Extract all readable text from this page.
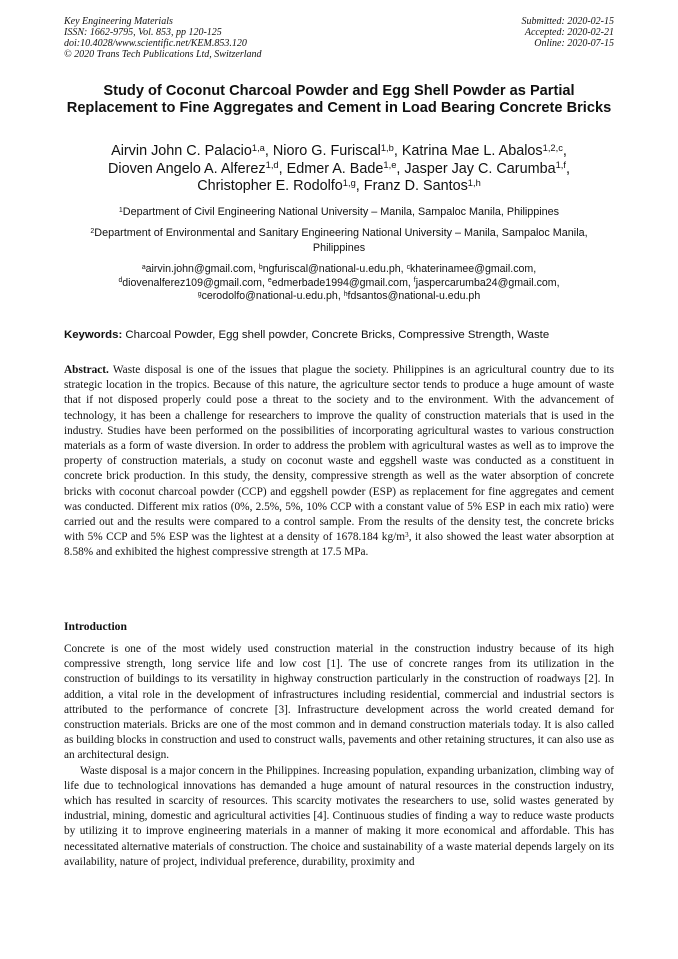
Key Engineering Materials
ISSN: 1662-9795, Vol. 853, pp 120-125
doi:10.4028/www.scientific.net/KEM.853.120
© 2020 Trans Tech Publications Ltd, Switzerland
Submitted: 2020-02-15
Accepted: 2020-02-21
Online: 2020-07-15
Study of Coconut Charcoal Powder and Egg Shell Powder as Partial Replacement to Fine Aggregates and Cement in Load Bearing Concrete Bricks
Airvin John C. Palacio$^{1,a}$, Nioro G. Furiscal$^{1,b}$, Katrina Mae L. Abalos$^{1,2,c}$,
Dioven Angelo A. Alferez$^{1,d}$, Edmer A. Bade$^{1,e}$, Jasper Jay C. Carumba$^{1,f}$,
Christopher E. Rodolfo$^{1,g}$, Franz D. Santos$^{1,h}$
$^1$Department of Civil Engineering National University – Manila, Sampaloc Manila, Philippines
$^2$Department of Environmental and Sanitary Engineering National University – Manila, Sampaloc Manila, Philippines
$^a$airvin.john@gmail.com, $^b$ngfuriscal@national-u.edu.ph, $^c$khaterinamee@gmail.com,
$^d$diovenalferez109@gmail.com, $^e$edmerbade1994@gmail.com, $^f$jaspercarumba24@gmail.com,
$^g$cerodolfo@national-u.edu.ph, $^h$fdsantos@national-u.edu.ph
Keywords: Charcoal Powder, Egg shell powder, Concrete Bricks, Compressive Strength, Waste
Abstract. Waste disposal is one of the issues that plague the society. Philippines is an agricultural country due to its strategic location in the tropics. Because of this nature, the agriculture sector tends to produce a huge amount of waste that if not disposed properly could pose a threat to the society and to the environment. With the advancement of technology, it has been a challenge for researchers to improve the quality of construction materials that is used in the industry. Studies have been performed on the possibilities of incorporating agricultural wastes to various construction materials as a form of waste diversion. In order to address the problem with agricultural wastes as well as to improve the property of construction materials, a study on coconut waste and eggshell waste was conducted as a constituent in concrete brick production. In this study, the density, compressive strength as well as the water absorption of concrete bricks with coconut charcoal powder (CCP) and eggshell powder (ESP) as replacement for fine aggregates and cement was conducted. Different mix ratios (0%, 2.5%, 5%, 10% CCP with a constant value of 5% ESP in each mix ratio) were carried out and the results were compared to a control sample. From the results of the density test, the concrete bricks with 5% CCP and 5% ESP was the lightest at a density of 1678.184 $kg/m^3$, it also showed the least water absorption at 8.58% and exhibited the highest compressive strength at 17.5 MPa.
Introduction

Concrete is one of the most widely used construction material in the construction industry because of its high compressive strength, long service life and low cost [1]. The use of concrete ranges from its utilization in the construction of buildings to its versatility in highway construction particularly in the construction of roadways [2]. In addition, a vital role in the development of infrastructures including residential, commercial and industrial sectors is attributed to the performance of concrete [3]. Infrastructure development across the world created demand for construction materials. Bricks are one of the most common and in demand construction materials today. It is also called as building blocks in construction and used to construct walls, pavements and other retaining structures, it can also use as an architectural design.

Waste disposal is a major concern in the Philippines. Increasing population, expanding urbanization, climbing way of life due to technological innovations has demanded a huge amount of natural resources in the construction industry, which has resulted in scarcity of resources. This scarcity motivates the researchers to use, solid wastes generated by industrial, mining, domestic and agricultural activities [4]. Continuous studies of finding a way to reduce waste products by utilizing it to improve engineering materials in a manner of making it more economical and affordable. This has necessitated alternative materials of construction. The choice and sustainability of a waste material depends largely on its availability, nature of project, individual preference, durability, proximity and
